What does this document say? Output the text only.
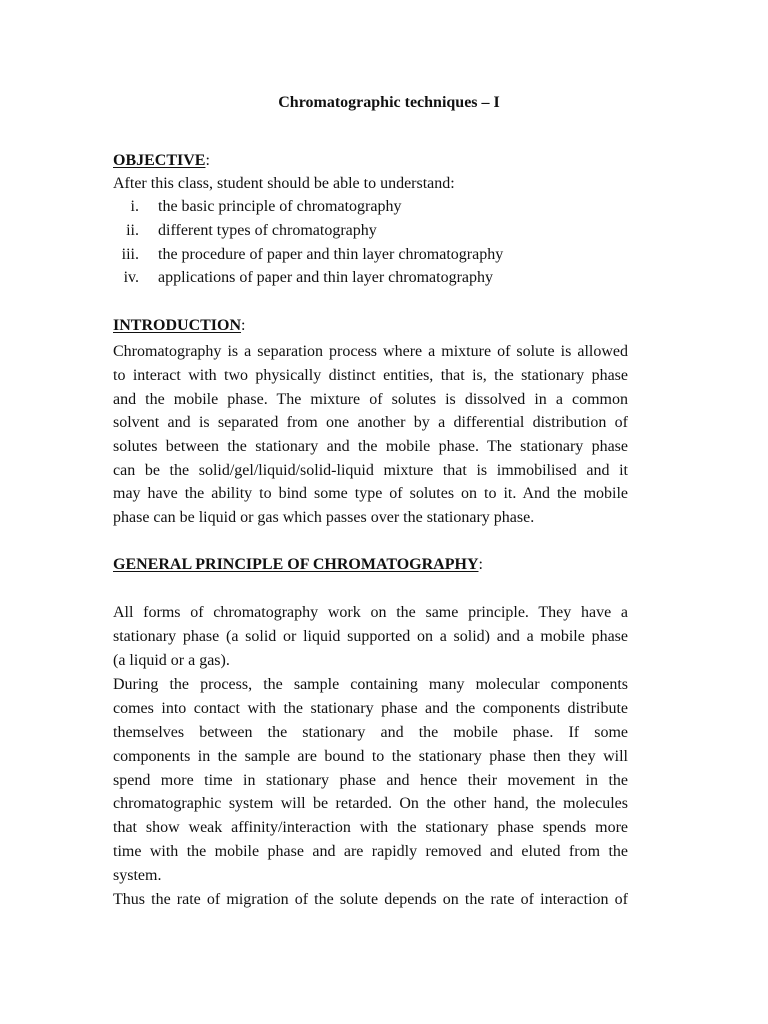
Chromatographic techniques – I
OBJECTIVE:
After this class, student should be able to understand:
i. the basic principle of chromatography
ii. different types of chromatography
iii. the procedure of paper and thin layer chromatography
iv. applications of paper and thin layer chromatography
INTRODUCTION:
Chromatography is a separation process where a mixture of solute is allowed
to interact with two physically distinct entities, that is, the stationary phase
and the mobile phase. The mixture of solutes is dissolved in a common
solvent and is separated from one another by a differential distribution of
solutes between the stationary and the mobile phase. The stationary phase
can be the solid/gel/liquid/solid-liquid mixture that is immobilised and it
may have the ability to bind some type of solutes on to it. And the mobile
phase can be liquid or gas which passes over the stationary phase.
GENERAL PRINCIPLE OF CHROMATOGRAPHY:
All forms of chromatography work on the same principle. They have a
stationary phase (a solid or liquid supported on a solid) and a mobile phase
(a liquid or a gas).
During the process, the sample containing many molecular components
comes into contact with the stationary phase and the components distribute
themselves between the stationary and the mobile phase. If some
components in the sample are bound to the stationary phase then they will
spend more time in stationary phase and hence their movement in the
chromatographic system will be retarded. On the other hand, the molecules
that show weak affinity/interaction with the stationary phase spends more
time with the mobile phase and are rapidly removed and eluted from the
system.
Thus the rate of migration of the solute depends on the rate of interaction of
